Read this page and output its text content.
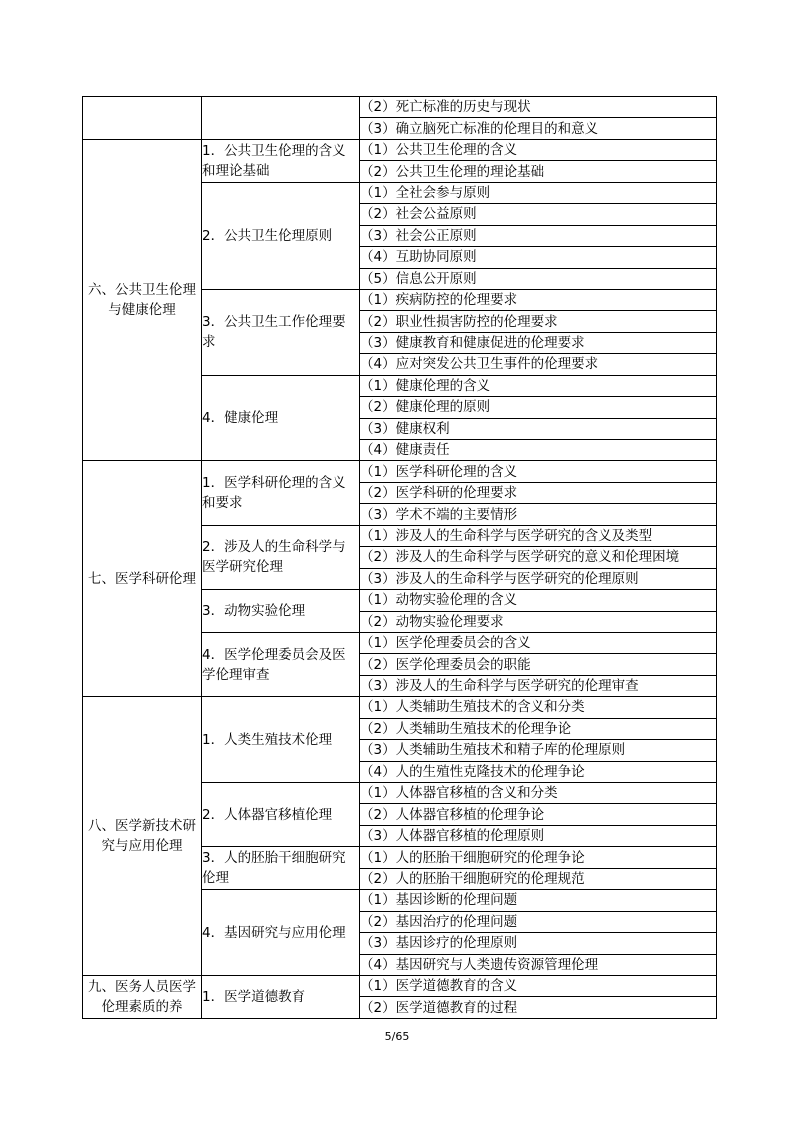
		（2）死亡标准的历史与现状
		（3）确立脑死亡标准的伦理目的和意义
六、公共卫生伦理与健康伦理	1．公共卫生伦理的含义和理论基础	（1）公共卫生伦理的含义
		（2）公共卫生伦理的理论基础
	2．公共卫生伦理原则	（1）全社会参与原则
		（2）社会公益原则
		（3）社会公正原则
		（4）互助协同原则
		（5）信息公开原则
	3．公共卫生工作伦理要求	（1）疾病防控的伦理要求
		（2）职业性损害防控的伦理要求
		（3）健康教育和健康促进的伦理要求
		（4）应对突发公共卫生事件的伦理要求
	4．健康伦理	（1）健康伦理的含义
		（2）健康伦理的原则
		（3）健康权利
		（4）健康责任
七、医学科研伦理	1．医学科研伦理的含义和要求	（1）医学科研伦理的含义
		（2）医学科研的伦理要求
		（3）学术不端的主要情形
	2．涉及人的生命科学与医学研究伦理	（1）涉及人的生命科学与医学研究的含义及类型
		（2）涉及人的生命科学与医学研究的意义和伦理困境
		（3）涉及人的生命科学与医学研究的伦理原则
	3．动物实验伦理	（1）动物实验伦理的含义
		（2）动物实验伦理要求
	4．医学伦理委员会及医学伦理审查	（1）医学伦理委员会的含义
		（2）医学伦理委员会的职能
		（3）涉及人的生命科学与医学研究的伦理审查
八、医学新技术研究与应用伦理	1．人类生殖技术伦理	（1）人类辅助生殖技术的含义和分类
		（2）人类辅助生殖技术的伦理争论
		（3）人类辅助生殖技术和精子库的伦理原则
		（4）人的生殖性克隆技术的伦理争论
	2．人体器官移植伦理	（1）人体器官移植的含义和分类
		（2）人体器官移植的伦理争论
		（3）人体器官移植的伦理原则
	3．人的胚胎干细胞研究伦理	（1）人的胚胎干细胞研究的伦理争论
		（2）人的胚胎干细胞研究的伦理规范
	4．基因研究与应用伦理	（1）基因诊断的伦理问题
		（2）基因治疗的伦理问题
		（3）基因诊疗的伦理原则
		（4）基因研究与人类遗传资源管理伦理
九、医务人员医学伦理素质的养	1．医学道德教育	（1）医学道德教育的含义
		（2）医学道德教育的过程
5/65
